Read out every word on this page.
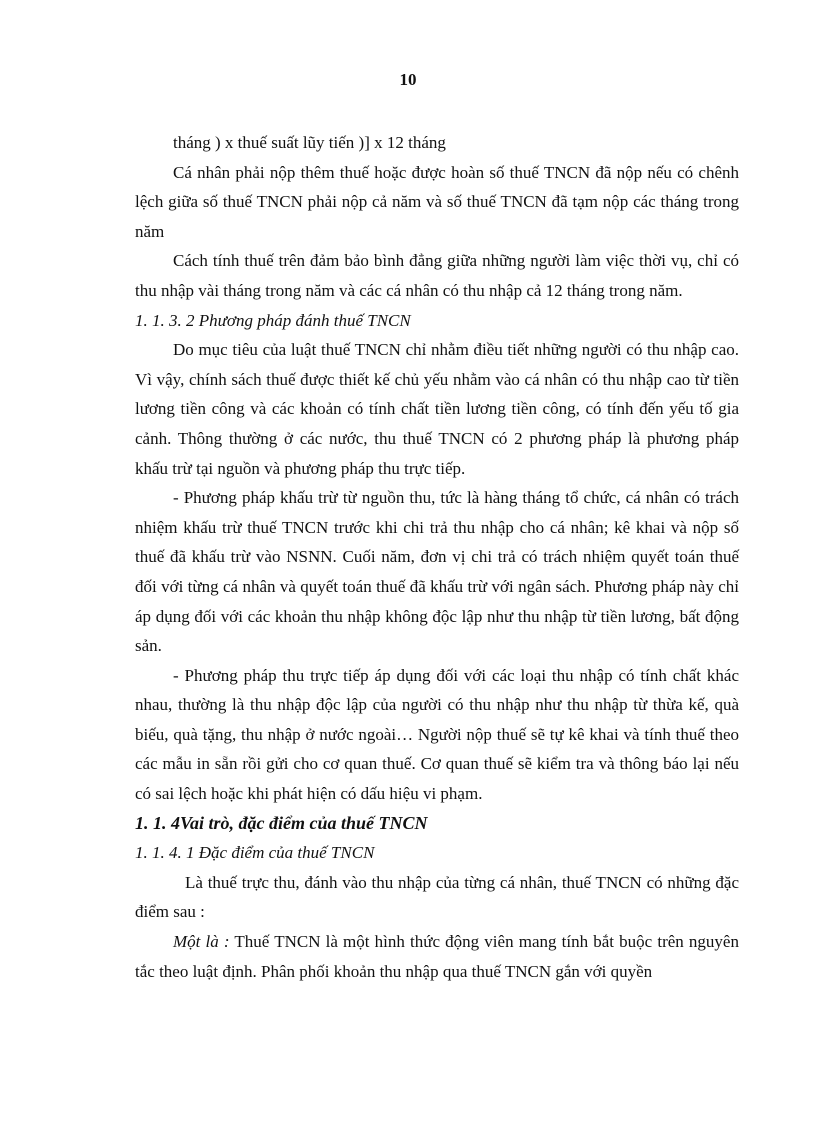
10

tháng ) x thuế suất lũy tiến )] x 12 tháng

Cá nhân phải nộp thêm thuế hoặc được hoàn số thuế TNCN đã nộp nếu có chênh lệch giữa số thuế TNCN phải nộp cả năm và số thuế TNCN đã tạm nộp các tháng trong năm

Cách tính thuế trên đảm bảo bình đẳng giữa những người làm việc thời vụ, chỉ có thu nhập vài tháng trong năm và các cá nhân có thu nhập cả 12 tháng trong năm.

1. 1. 3. 2 Phương pháp đánh thuế TNCN

Do mục tiêu của luật thuế TNCN chỉ nhằm điều tiết những người có thu nhập cao. Vì vậy, chính sách thuế được thiết kế chủ yếu nhằm vào cá nhân có thu nhập cao từ tiền lương tiền công và các khoản có tính chất tiền lương tiền công, có tính đến yếu tố gia cảnh. Thông thường ở các nước, thu thuế TNCN có 2 phương pháp là phương pháp khấu trừ tại nguồn và phương pháp thu trực tiếp.

- Phương pháp khấu trừ từ nguồn thu, tức là hàng tháng tổ chức, cá nhân có trách nhiệm khấu trừ thuế TNCN trước khi chi trả thu nhập cho cá nhân; kê khai và nộp số thuế đã khấu trừ vào NSNN. Cuối năm, đơn vị chi trả có trách nhiệm quyết toán thuế đối với từng cá nhân và quyết toán thuế đã khấu trừ với ngân sách. Phương pháp này chỉ áp dụng đối với các khoản thu nhập không độc lập như thu nhập từ tiền lương, bất động sản.

- Phương pháp thu trực tiếp áp dụng đối với các loại thu nhập có tính chất khác nhau, thường là thu nhập độc lập của người có thu nhập như thu nhập từ thừa kế, quà biếu, quà tặng, thu nhập ở nước ngoài… Người nộp thuế sẽ tự kê khai và tính thuế theo các mẫu in sẵn rồi gửi cho cơ quan thuế. Cơ quan thuế sẽ kiểm tra và thông báo lại nếu có sai lệch hoặc khi phát hiện có dấu hiệu vi phạm.

1. 1. 4Vai trò, đặc điểm của thuế TNCN

1. 1. 4. 1 Đặc điểm của thuế TNCN

Là thuế trực thu, đánh vào thu nhập của từng cá nhân, thuế TNCN có những đặc điểm sau :

Một là : Thuế TNCN là một hình thức động viên mang tính bắt buộc trên nguyên tắc theo luật định. Phân phối khoản thu nhập qua thuế TNCN gắn với quyền
